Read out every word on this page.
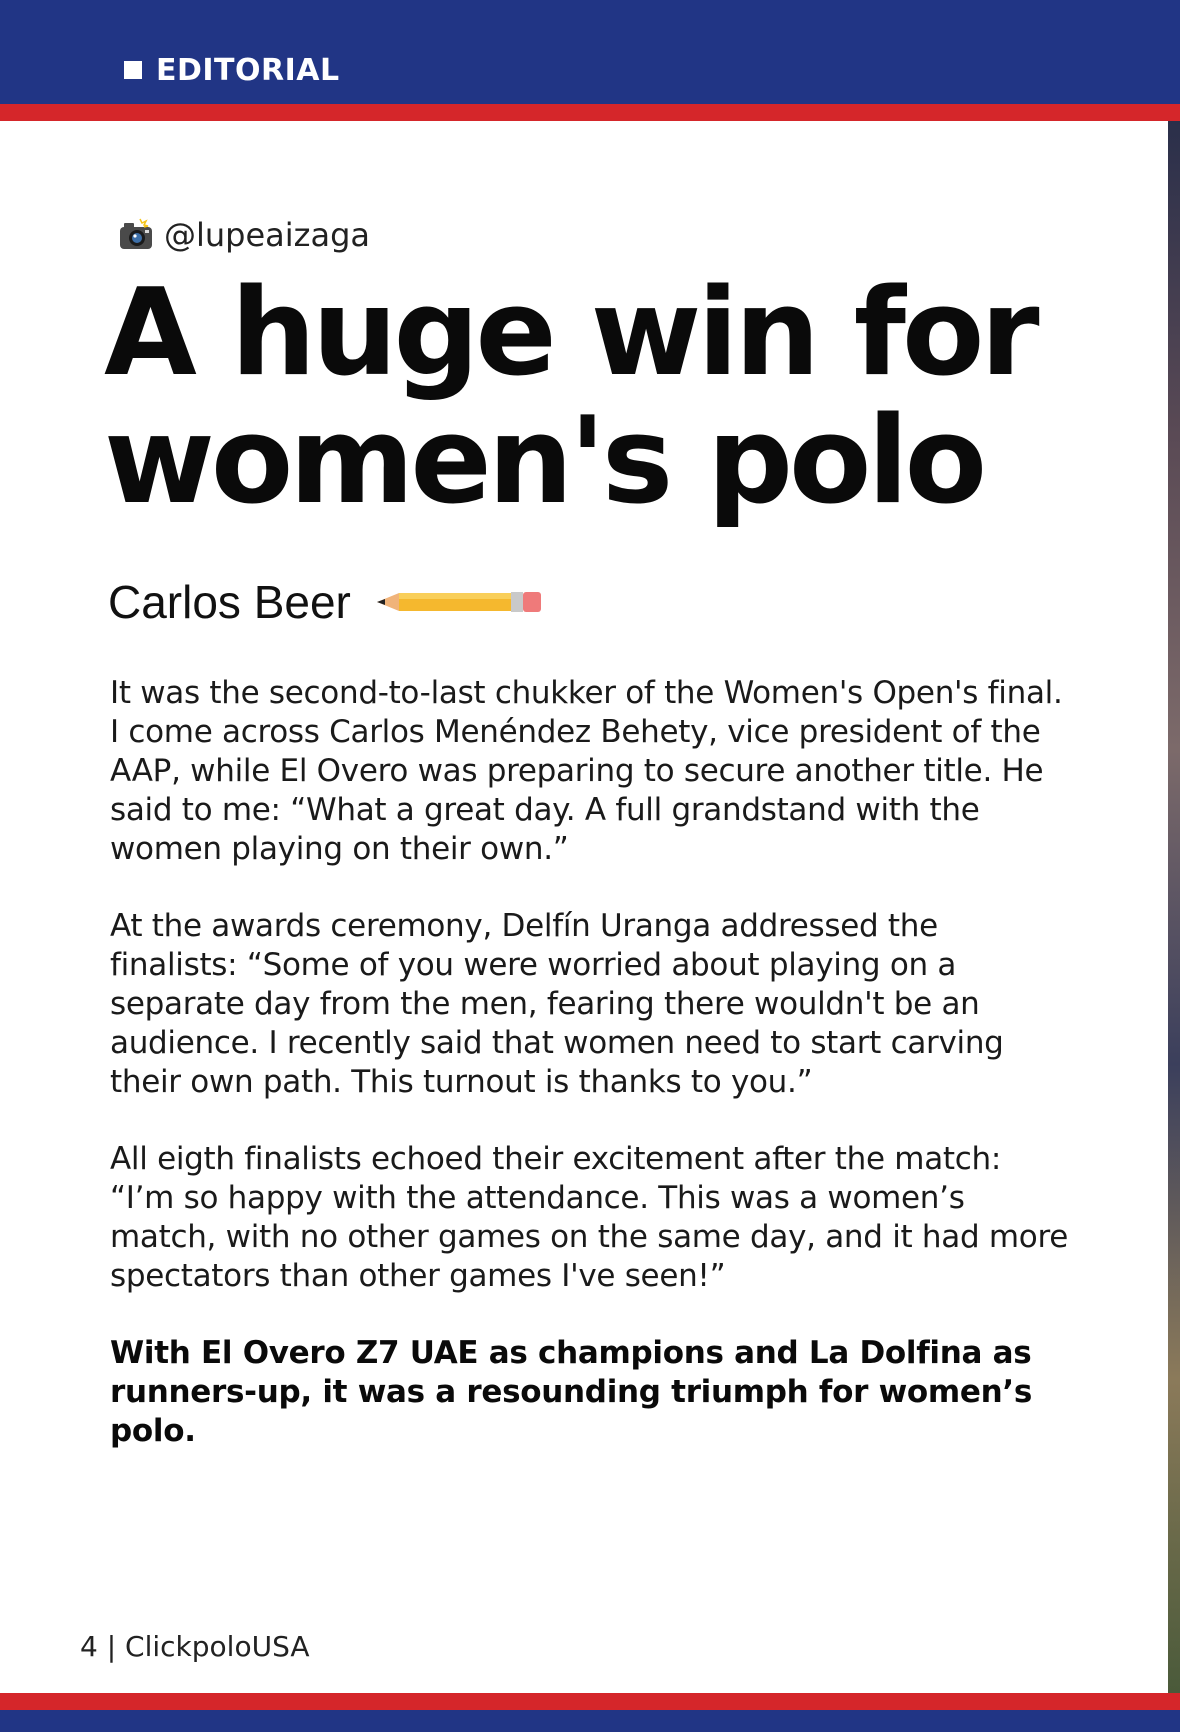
EDITORIAL
@lupeaizaga
A huge win for women's polo
Carlos Beer

It was the second-to-last chukker of the Women's Open's final. I come across Carlos Menéndez Behety, vice president of the AAP, while El Overo was preparing to secure another title. He said to me: “What a great day. A full grandstand with the women playing on their own.”

At the awards ceremony, Delfín Uranga addressed the finalists: “Some of you were worried about playing on a separate day from the men, fearing there wouldn't be an audience. I recently said that women need to start carving their own path. This turnout is thanks to you.”

All eigth finalists echoed their excitement after the match: “I’m so happy with the attendance. This was a women’s match, with no other games on the same day, and it had more spectators than other games I've seen!”

With El Overo Z7 UAE as champions and La Dolfina as runners-up, it was a resounding triumph for women’s polo.

4 | ClickpoloUSA
